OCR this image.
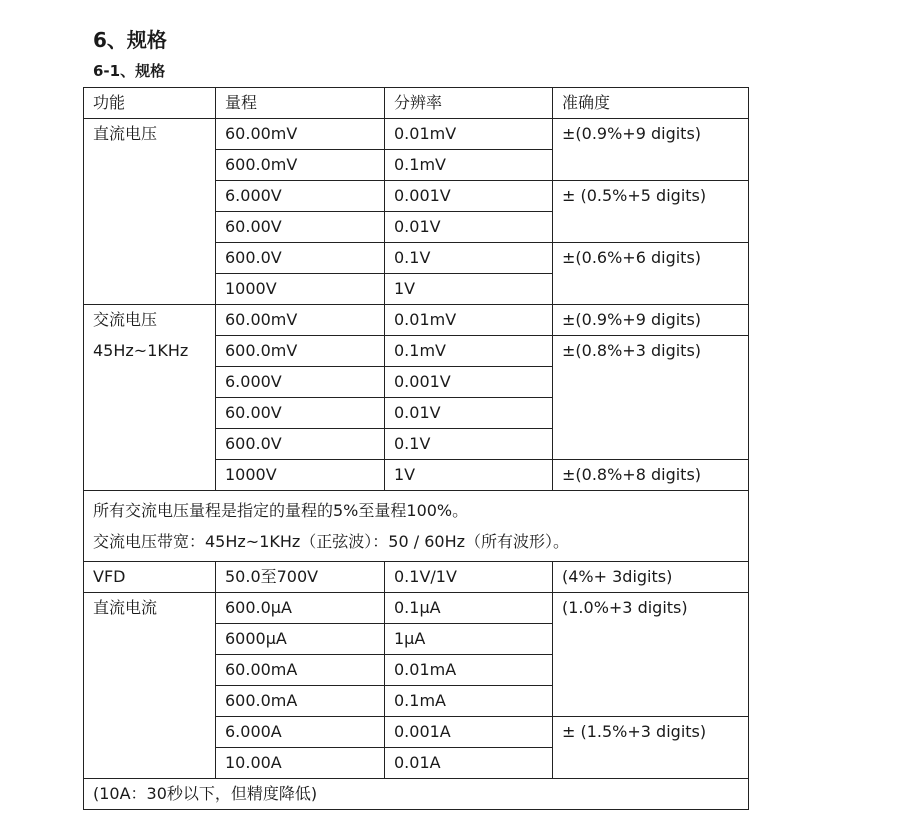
6、规格
6-1、规格
功能	量程	分辨率	准确度
直流电压	60.00mV	0.01mV	±(0.9%+9 digits)
	600.0mV	0.1mV	
	6.000V	0.001V	± (0.5%+5 digits)
	60.00V	0.01V	
	600.0V	0.1V	±(0.6%+6 digits)
	1000V	1V	

交流电压
45Hz~1KHz	60.00mV	0.01mV	±(0.9%+9 digits)
	600.0mV	0.1mV	±(0.8%+3 digits)
	6.000V	0.001V	
	60.00V	0.01V	
	600.0V	0.1V	
	1000V	1V	±(0.8%+8 digits)

所有交流电压量程是指定的量程的5%至量程100%。
交流电压带宽：45Hz~1KHz（正弦波）：50 / 60Hz（所有波形）。			

VFD	50.0至700V	0.1V/1V	(4%+ 3digits)
直流电流	600.0μA	0.1μA	(1.0%+3 digits)
	6000μA	1μA	
	60.00mA	0.01mA	
	600.0mA	0.1mA	
	6.000A	0.001A	± (1.5%+3 digits)
	10.00A	0.01A	
(10A：30秒以下，但精度降低)			
